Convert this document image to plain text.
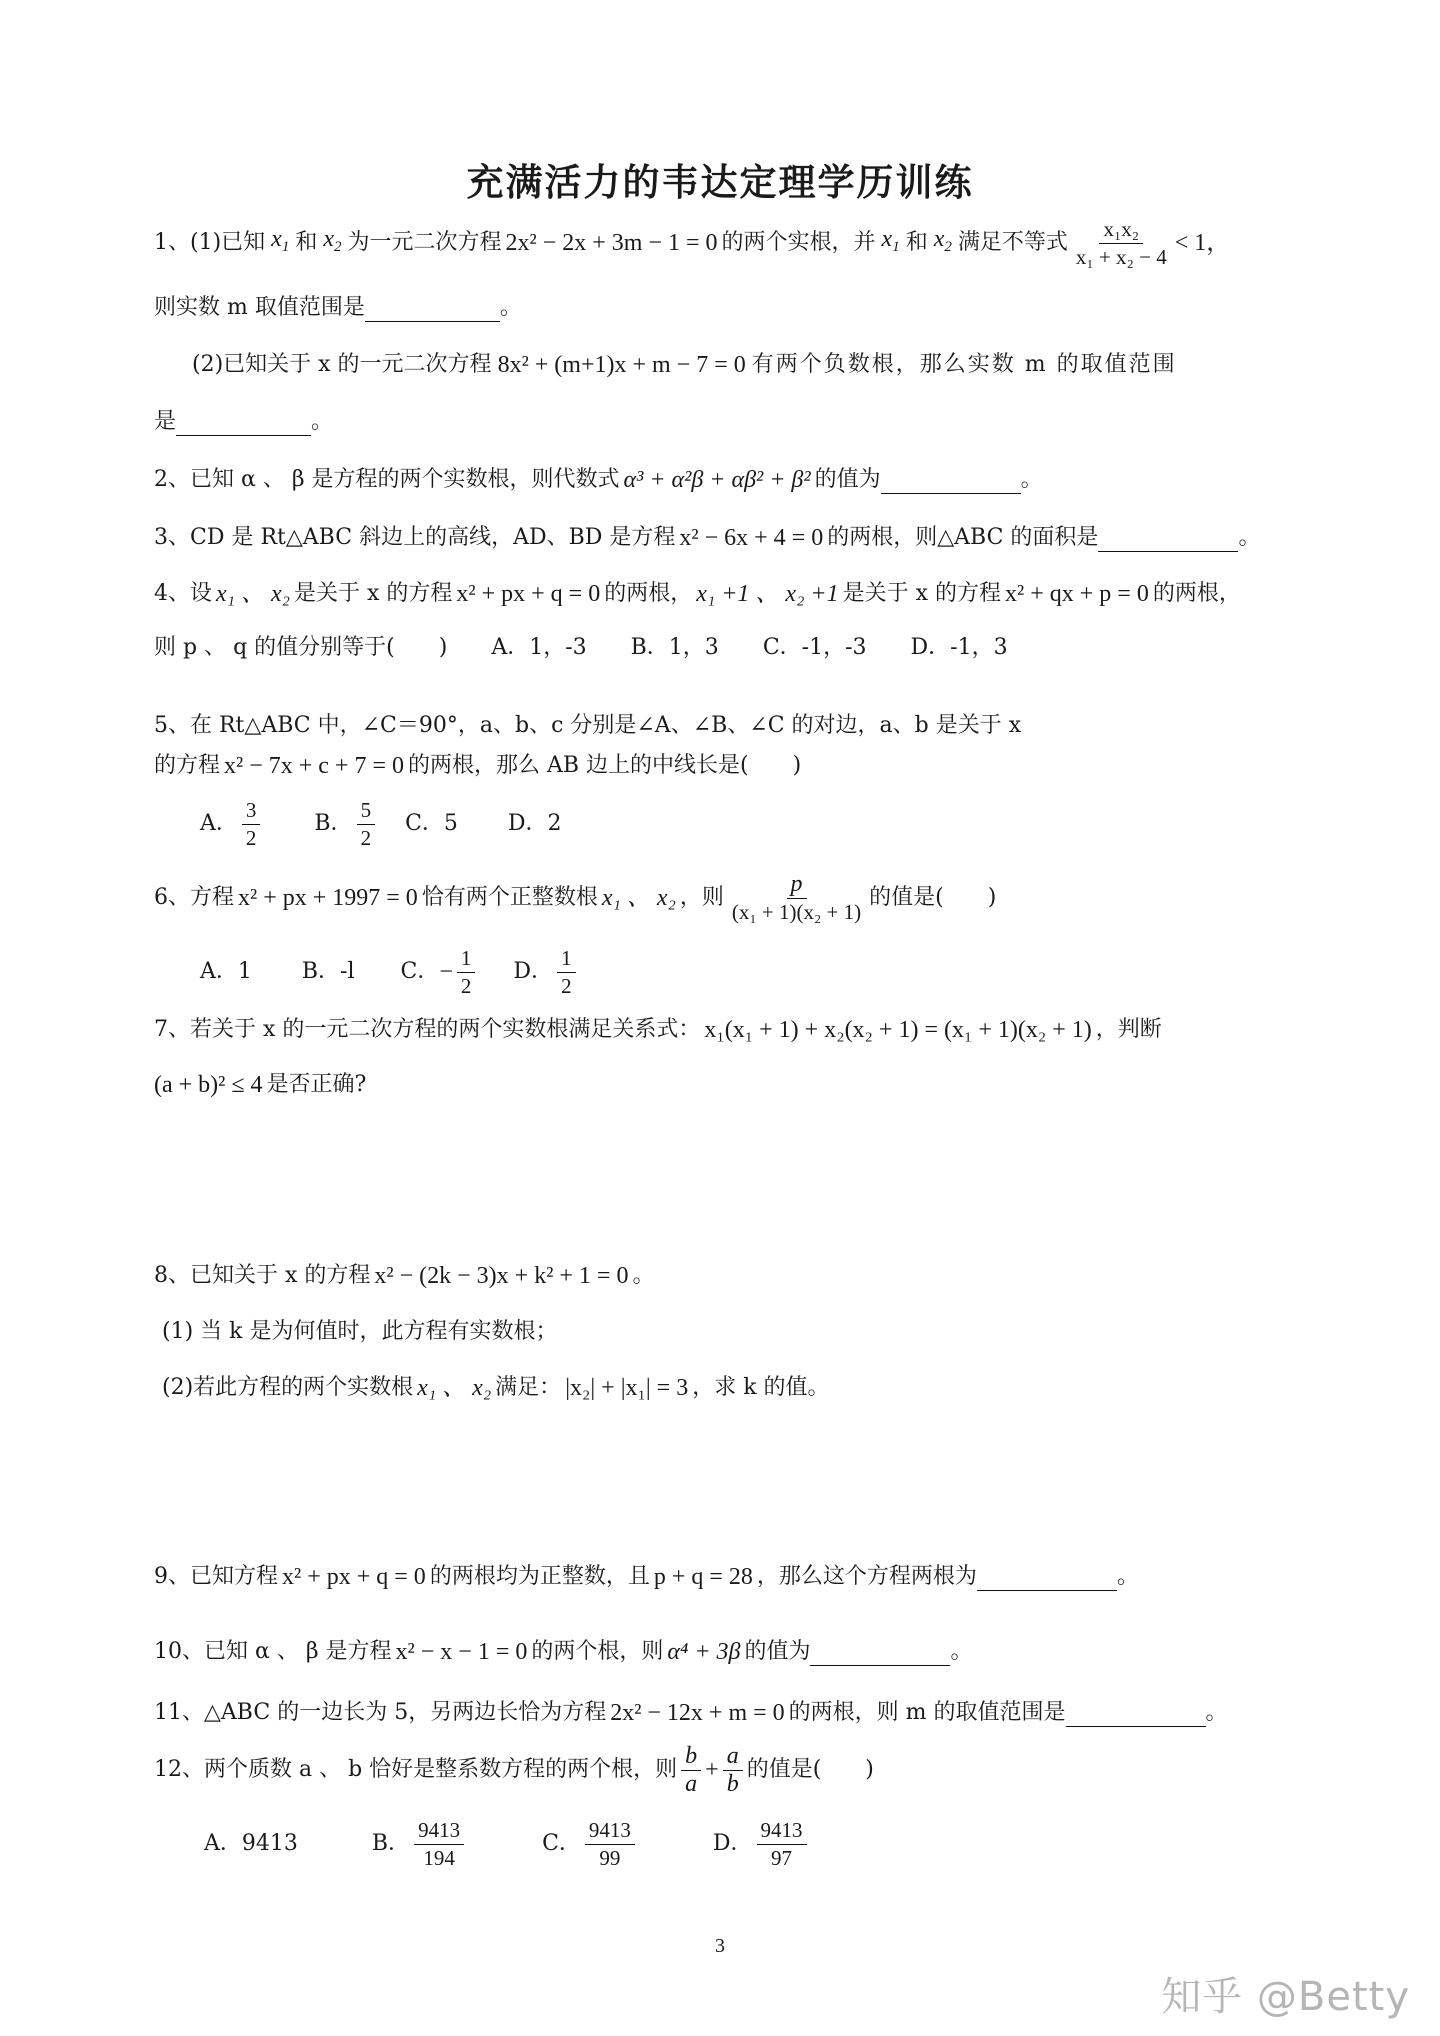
充满活力的韦达定理学历训练
1、(1)已知 $x_1$ 和 $x_2$ 为一元二次方程 2x² − 2x + 3m − 1 = 0 的两个实根，并 $x_1$ 和 $x_2$ 满足不等式 $\frac{\text{x₁x₂}}{\text{x₁ + x₂ − 4}} < 1$，
则实数 m 取值范围是	。
(2)已知关于 x 的一元二次方程 8x² + (m+1)x + m − 7 = 0 有两个负数根，那么实数 m 的取值范围
是	。
2、已知 α 、 β 是方程的两个实数根，则代数式 α³ + α²β + αβ² + β² 的值为	。
3、CD 是 Rt△ABC 斜边上的高线，AD、BD 是方程 x² − 6x + 4 = 0 的两根，则△ABC 的面积是	。
4、设 x₁ 、 x₂ 是关于 x 的方程 x² + px + q = 0 的两根， x₁ +1 、 x₂ +1 是关于 x 的方程 x² + qx + p = 0 的两根，
则 p 、 q 的值分别等于(　　) A．1，-3 B．1，3 C．-1，-3 D．-1，3
5、在 Rt△ABC 中，∠C＝90°，a、b、c 分别是∠A、∠B、∠C 的对边，a、b 是关于 x
的方程 x² − 7x + c + 7 = 0 的两根，那么 AB 边上的中线长是(　　)
A． $\frac{3}{2}$ B． $\frac{5}{2}$ C．5 D．2
6、方程 x² + px + 1997 = 0 恰有两个正整数根 x₁ 、 x₂ ，则 $\frac{p}{\text{(x₁ + 1)(x₂ + 1)}}$ 的值是(　　)
A．1 B．-l C． − $\frac{1}{2}$ D． $\frac{1}{2}$
7、若关于 x 的一元二次方程的两个实数根满足关系式： x₁(x₁ + 1) + x₂(x₂ + 1) = (x₁ + 1)(x₂ + 1) ，判断
(a + b)² ≤ 4 是否正确?
8、已知关于 x 的方程 x² − (2k − 3)x + k² + 1 = 0 。
(1) 当 k 是为何值时，此方程有实数根；
(2)若此方程的两个实数根 x₁ 、 x₂ 满足： |x₂| + |x₁| = 3 ，求 k 的值。
9、已知方程 x² + px + q = 0 的两根均为正整数，且 p + q = 28 ，那么这个方程两根为	。
10、已知 α 、 β 是方程 x² − x − 1 = 0 的两个根，则 α⁴ + 3β 的值为	。
11、△ABC 的一边长为 5，另两边长恰为方程 2x² − 12x + m = 0 的两根，则 m 的取值范围是	。
12、两个质数 a 、 b 恰好是整系数方程的两个根，则 $\frac{b}{a} + \frac{a}{b}$ 的值是(　　)
A．9413	B． $\frac{9413}{194}$	C． $\frac{9413}{99}$	D． $\frac{9413}{97}$
3
知乎 @Betty
